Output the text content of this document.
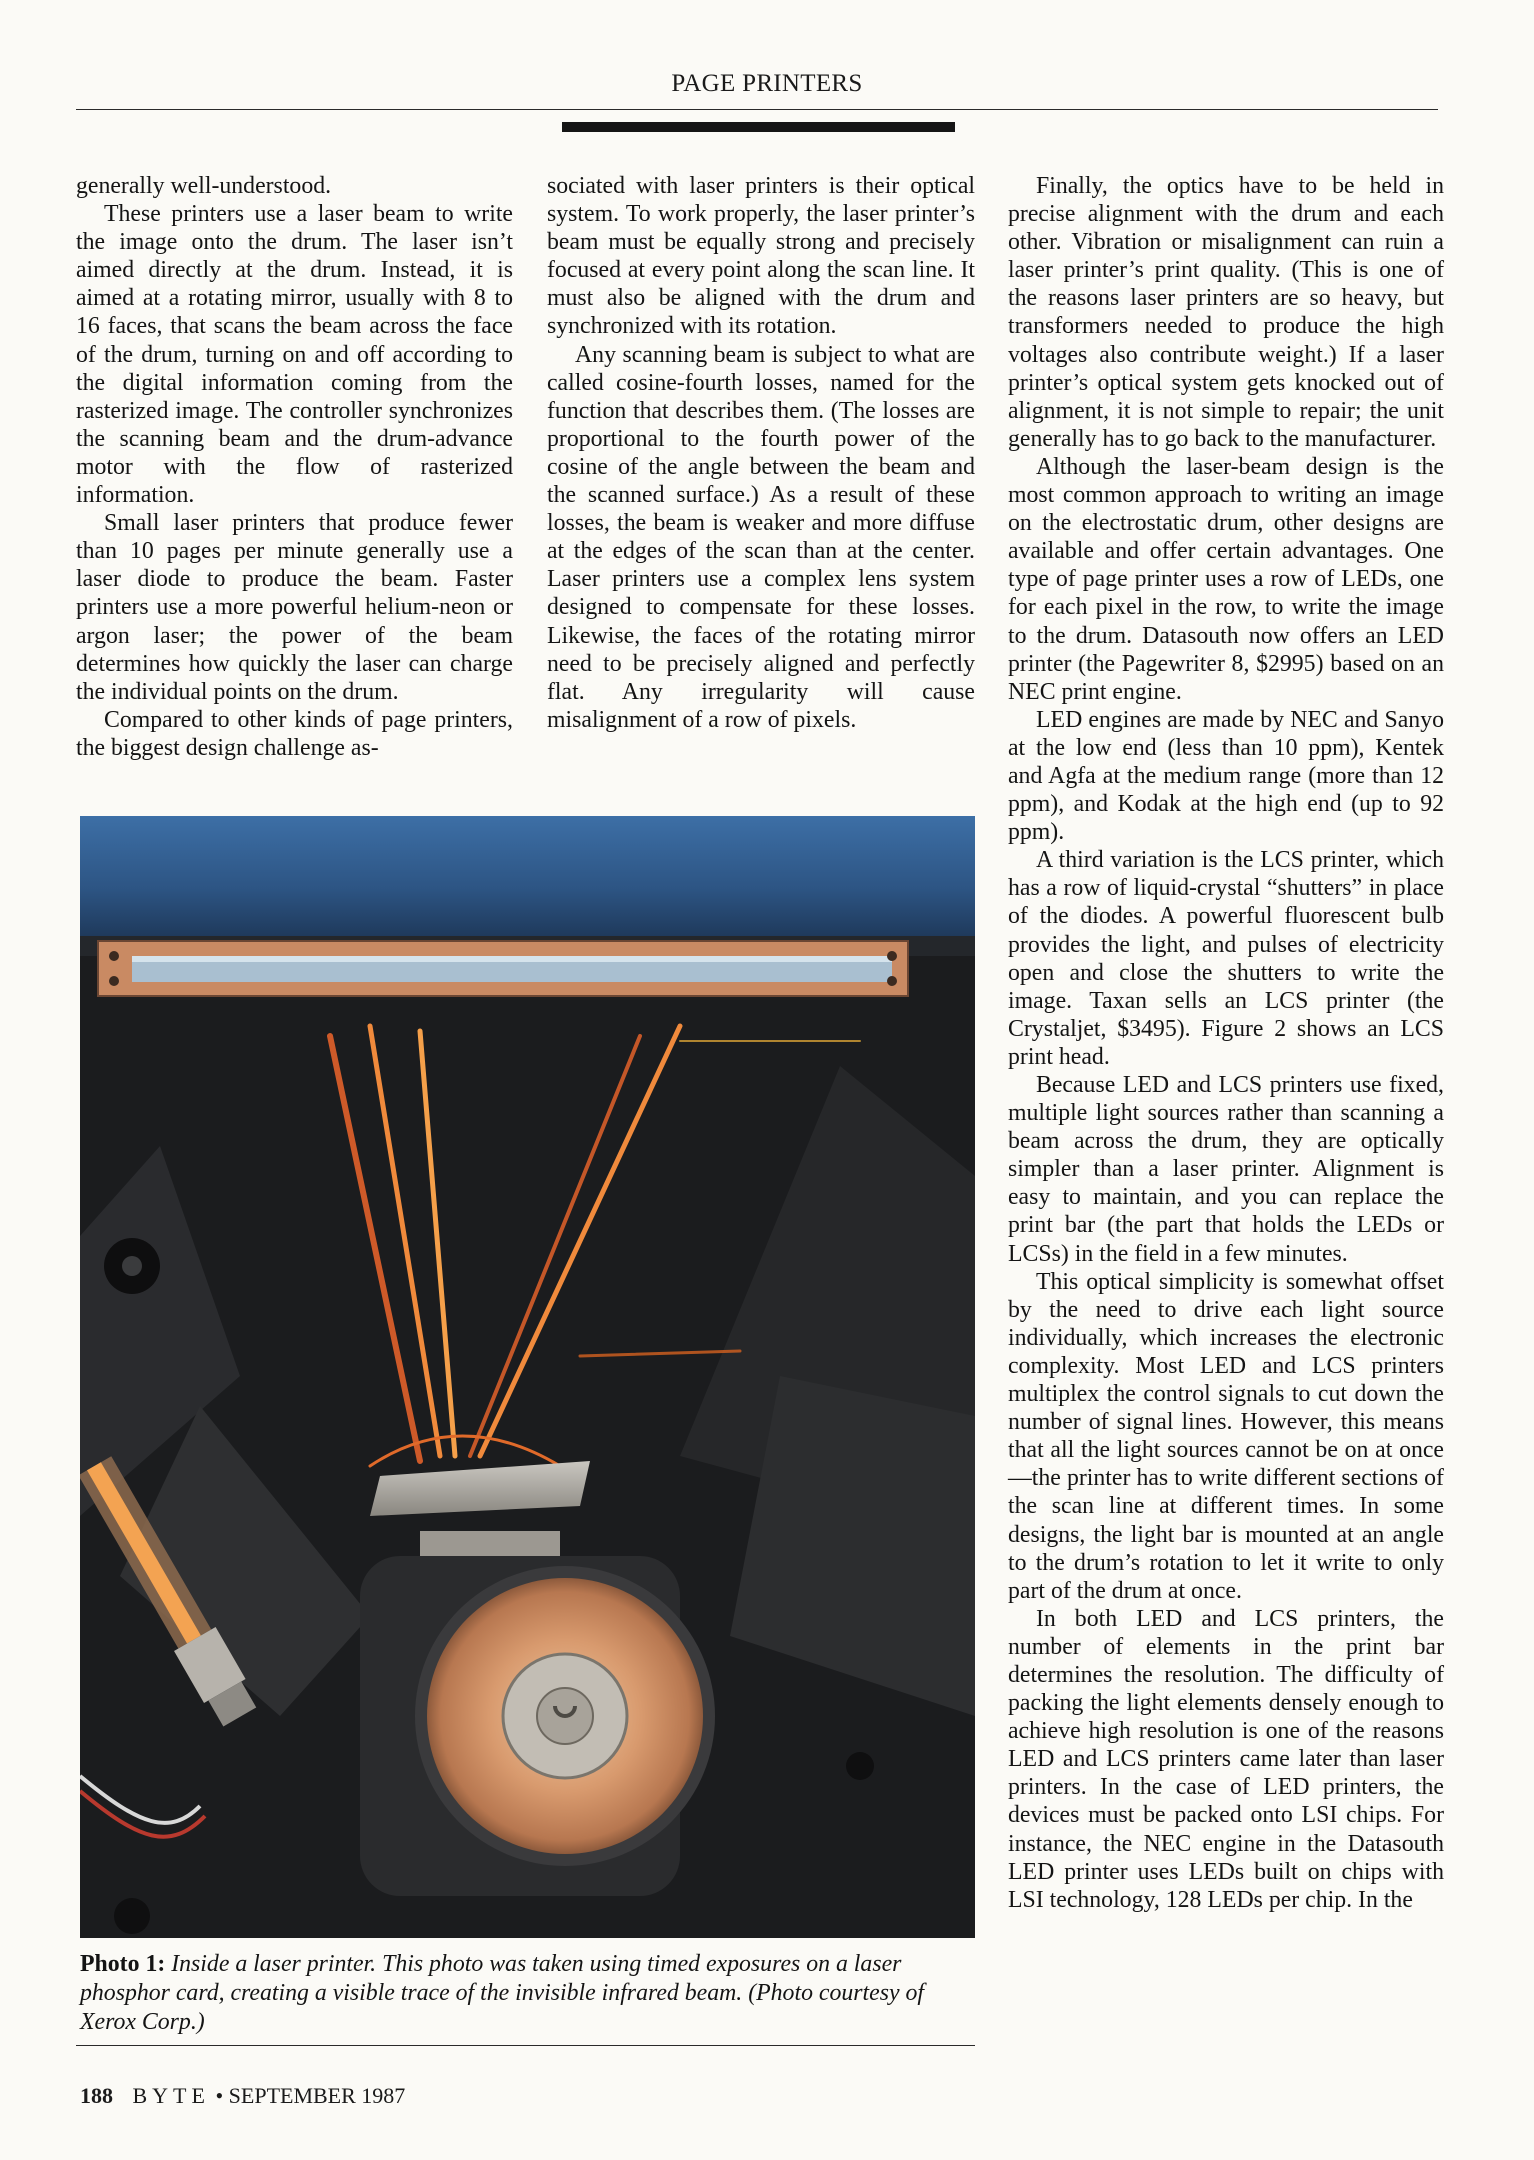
PAGE PRINTERS

generally well-understood.

These printers use a laser beam to write the image onto the drum. The laser isn’t aimed directly at the drum. Instead, it is aimed at a rotating mirror, usually with 8 to 16 faces, that scans the beam across the face of the drum, turning on and off according to the digital information coming from the rasterized image. The controller synchronizes the scanning beam and the drum-advance motor with the flow of rasterized information.

Small laser printers that produce fewer than 10 pages per minute generally use a laser diode to produce the beam. Faster printers use a more powerful helium-neon or argon laser; the power of the beam determines how quickly the laser can charge the individual points on the drum.

Compared to other kinds of page printers, the biggest design challenge as-

sociated with laser printers is their optical system. To work properly, the laser printer’s beam must be equally strong and precisely focused at every point along the scan line. It must also be aligned with the drum and synchronized with its rotation.

Any scanning beam is subject to what are called cosine-fourth losses, named for the function that describes them. (The losses are proportional to the fourth power of the cosine of the angle between the beam and the scanned surface.) As a result of these losses, the beam is weaker and more diffuse at the edges of the scan than at the center. Laser printers use a complex lens system designed to compensate for these losses. Likewise, the faces of the rotating mirror need to be precisely aligned and perfectly flat. Any irregularity will cause misalignment of a row of pixels.

Finally, the optics have to be held in precise alignment with the drum and each other. Vibration or misalignment can ruin a laser printer’s print quality. (This is one of the reasons laser printers are so heavy, but transformers needed to produce the high voltages also contribute weight.) If a laser printer’s optical system gets knocked out of alignment, it is not simple to repair; the unit generally has to go back to the manufacturer.

Although the laser-beam design is the most common approach to writing an image on the electrostatic drum, other designs are available and offer certain advantages. One type of page printer uses a row of LEDs, one for each pixel in the row, to write the image to the drum. Datasouth now offers an LED printer (the Pagewriter 8, $2995) based on an NEC print engine.

LED engines are made by NEC and Sanyo at the low end (less than 10 ppm), Kentek and Agfa at the medium range (more than 12 ppm), and Kodak at the high end (up to 92 ppm).

A third variation is the LCS printer, which has a row of liquid-crystal “shutters” in place of the diodes. A powerful fluorescent bulb provides the light, and pulses of electricity open and close the shutters to write the image. Taxan sells an LCS printer (the Crystaljet, $3495). Figure 2 shows an LCS print head.

Because LED and LCS printers use fixed, multiple light sources rather than scanning a beam across the drum, they are optically simpler than a laser printer. Alignment is easy to maintain, and you can replace the print bar (the part that holds the LEDs or LCSs) in the field in a few minutes.

This optical simplicity is somewhat offset by the need to drive each light source individually, which increases the electronic complexity. Most LED and LCS printers multiplex the control signals to cut down the number of signal lines. However, this means that all the light sources cannot be on at once—the printer has to write different sections of the scan line at different times. In some designs, the light bar is mounted at an angle to the drum’s rotation to let it write to only part of the drum at once.

In both LED and LCS printers, the number of elements in the print bar determines the resolution. The difficulty of packing the light elements densely enough to achieve high resolution is one of the reasons LED and LCS printers came later than laser printers. In the case of LED printers, the devices must be packed onto LSI chips. For instance, the NEC engine in the Datasouth LED printer uses LEDs built on chips with LSI technology, 128 LEDs per chip. In the

Photo 1: Inside a laser printer. This photo was taken using timed exposures on a laser phosphor card, creating a visible trace of the invisible infrared beam. (Photo courtesy of Xerox Corp.)
188 BYTE • SEPTEMBER 1987
